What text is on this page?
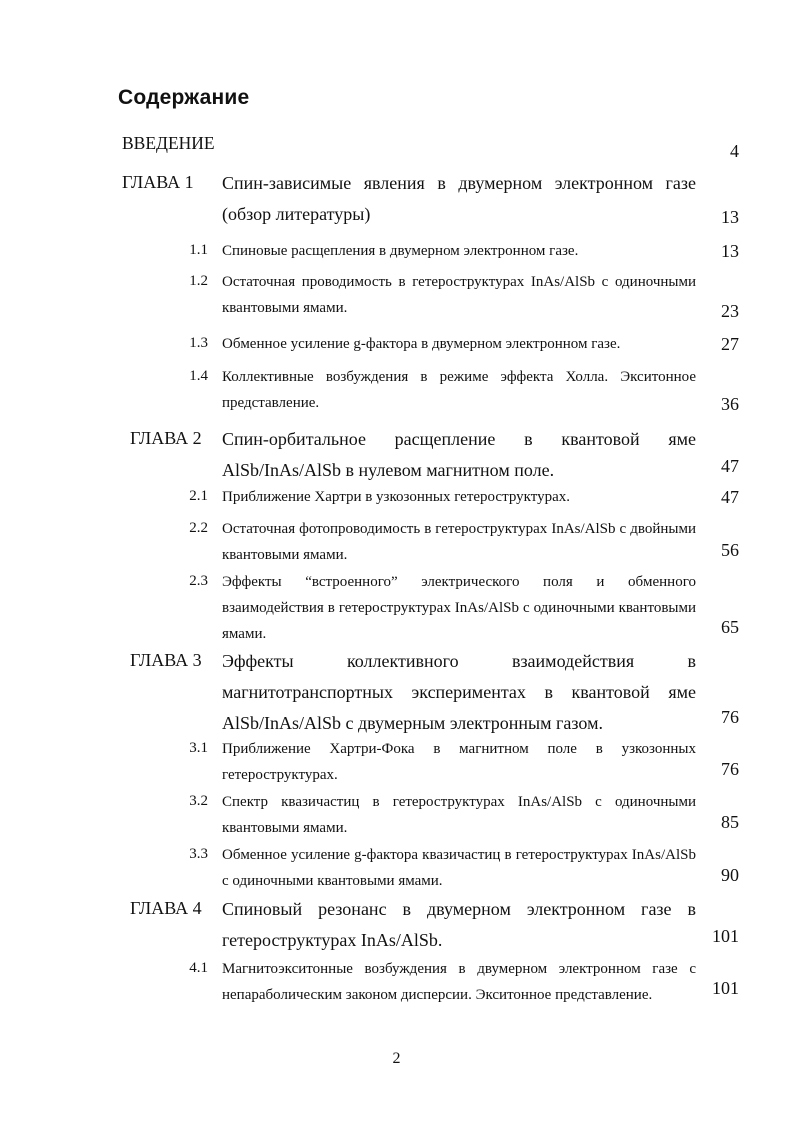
Содержание
ВВЕДЕНИЕ	4
ГЛАВА 1 Спин-зависимые явления в двумерном электронном газе (обзор литературы)	13
1.1 Спиновые расщепления в двумерном электронном газе.	13
1.2 Остаточная проводимость в гетероструктурах InAs/AlSb с одиночными квантовыми ямами.	23
1.3 Обменное усиление g-фактора в двумерном электронном газе.	27
1.4 Коллективные возбуждения в режиме эффекта Холла. Экситонное представление.	36
ГЛАВА 2 Спин-орбитальное расщепление в квантовой яме AlSb/InAs/AlSb в нулевом магнитном поле.	47
2.1 Приближение Хартри в узкозонных гетероструктурах.	47
2.2 Остаточная фотопроводимость в гетероструктурах InAs/AlSb с двойными квантовыми ямами.	56
2.3 Эффекты “встроенного” электрического поля и обменного взаимодействия в гетероструктурах InAs/AlSb с одиночными квантовыми ямами.	65
ГЛАВА 3 Эффекты коллективного взаимодействия в магнитотранспортных экспериментах в квантовой яме AlSb/InAs/AlSb с двумерным электронным газом.	76
3.1 Приближение Хартри-Фока в магнитном поле в узкозонных гетероструктурах.	76
3.2 Спектр квазичастиц в гетероструктурах InAs/AlSb с одиночными квантовыми ямами.	85
3.3 Обменное усиление g-фактора квазичастиц в гетероструктурах InAs/AlSb с одиночными квантовыми ямами.	90
ГЛАВА 4 Спиновый резонанс в двумерном электронном газе в гетероструктурах InAs/AlSb.	101
4.1 Магнитоэкситонные возбуждения в двумерном электронном газе с непараболическим законом дисперсии. Экситонное представление.	101
2
